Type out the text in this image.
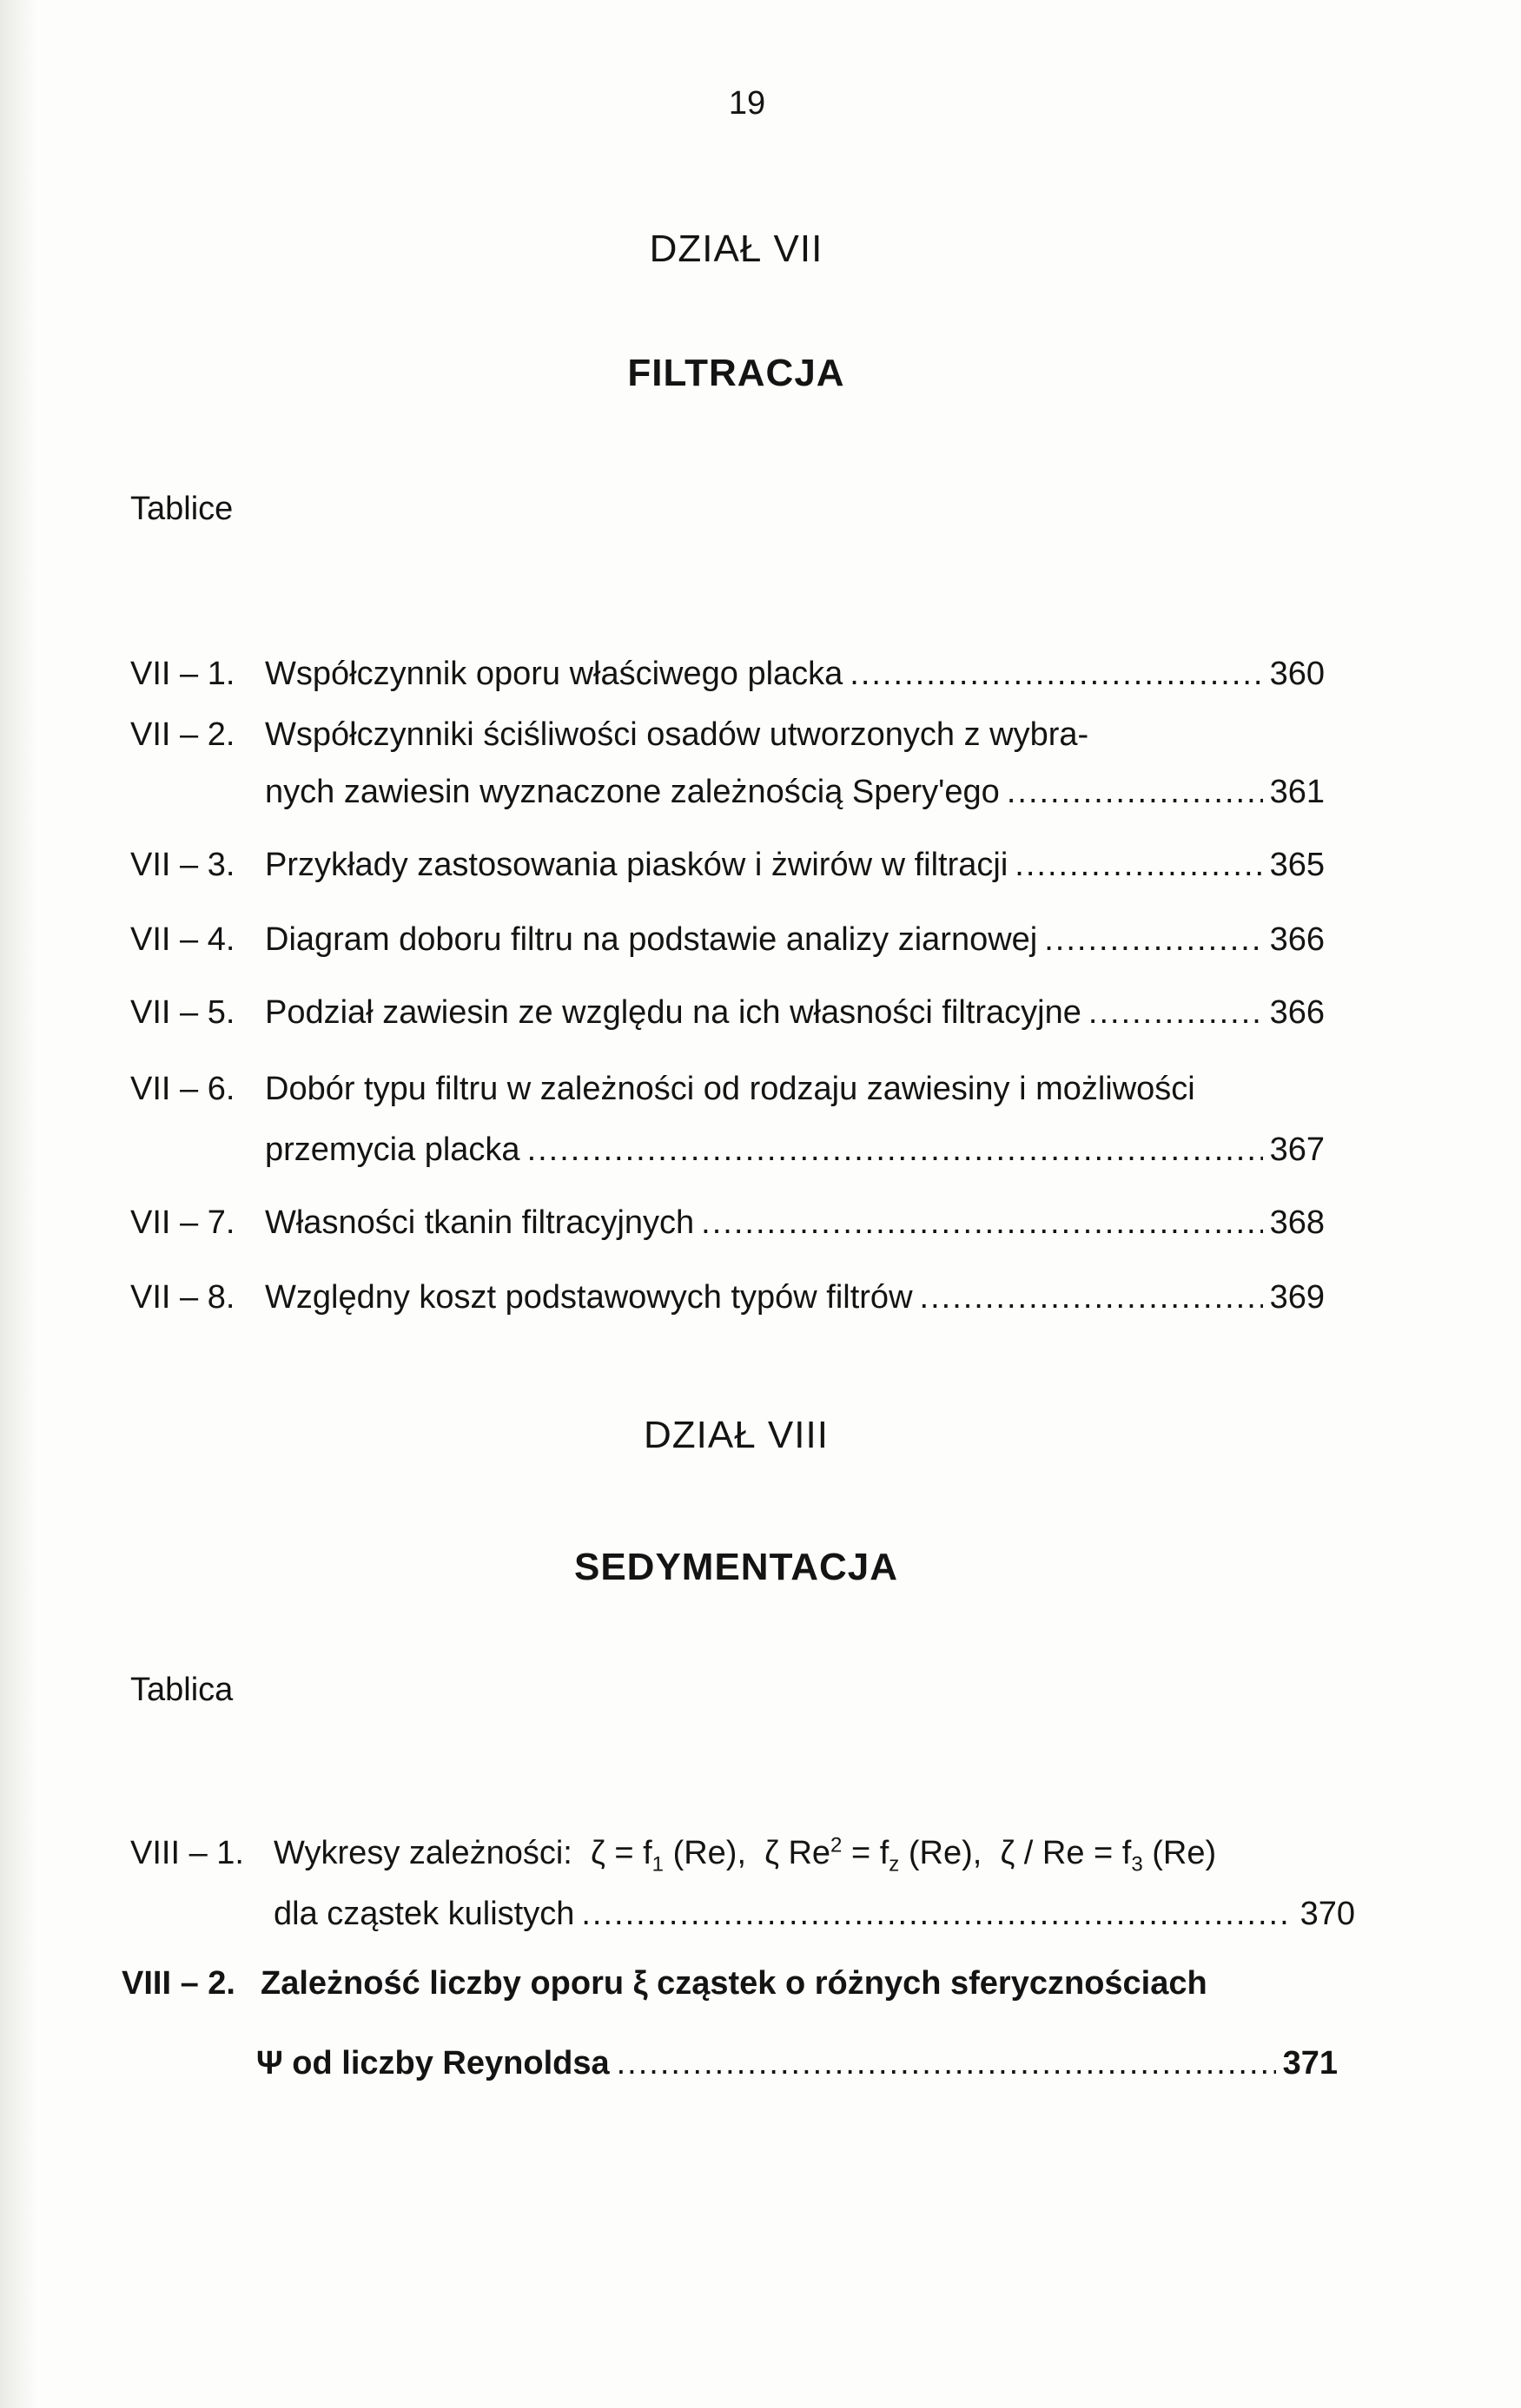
19
DZIAŁ VII
FILTRACJA
Tablice
VII – 1. Współczynnik oporu właściwego placka .....	360
VII – 2. Współczynniki ściśliwości osadów utworzonych z wybra-
nych zawiesin wyznaczone zależnością Spery'ego .....	361
VII – 3. Przykłady zastosowania piasków i żwirów w filtracji .....	365
VII – 4. Diagram doboru filtru na podstawie analizy ziarnowej .....	366
VII – 5. Podział zawiesin ze względu na ich własności filtracyjne .....	366
VII – 6. Dobór typu filtru w zależności od rodzaju zawiesiny i możliwości
przemycia placka .....	367
VII – 7. Własności tkanin filtracyjnych .....	368
VII – 8. Względny koszt podstawowych typów filtrów .....	369
DZIAŁ VIII
SEDYMENTACJA
Tablica
VIII – 1. Wykresy zależności: $\zeta = f_1$ (Re), ζ $Re^2 = f_z$ (Re), $\zeta / Re = f_3$ (Re)
dla cząstek kulistych .....	370
VIII – 2. Zależność liczby oporu ξ cząstek o różnych sferycznościach
Ψ od liczby Reynoldsa .....	371
